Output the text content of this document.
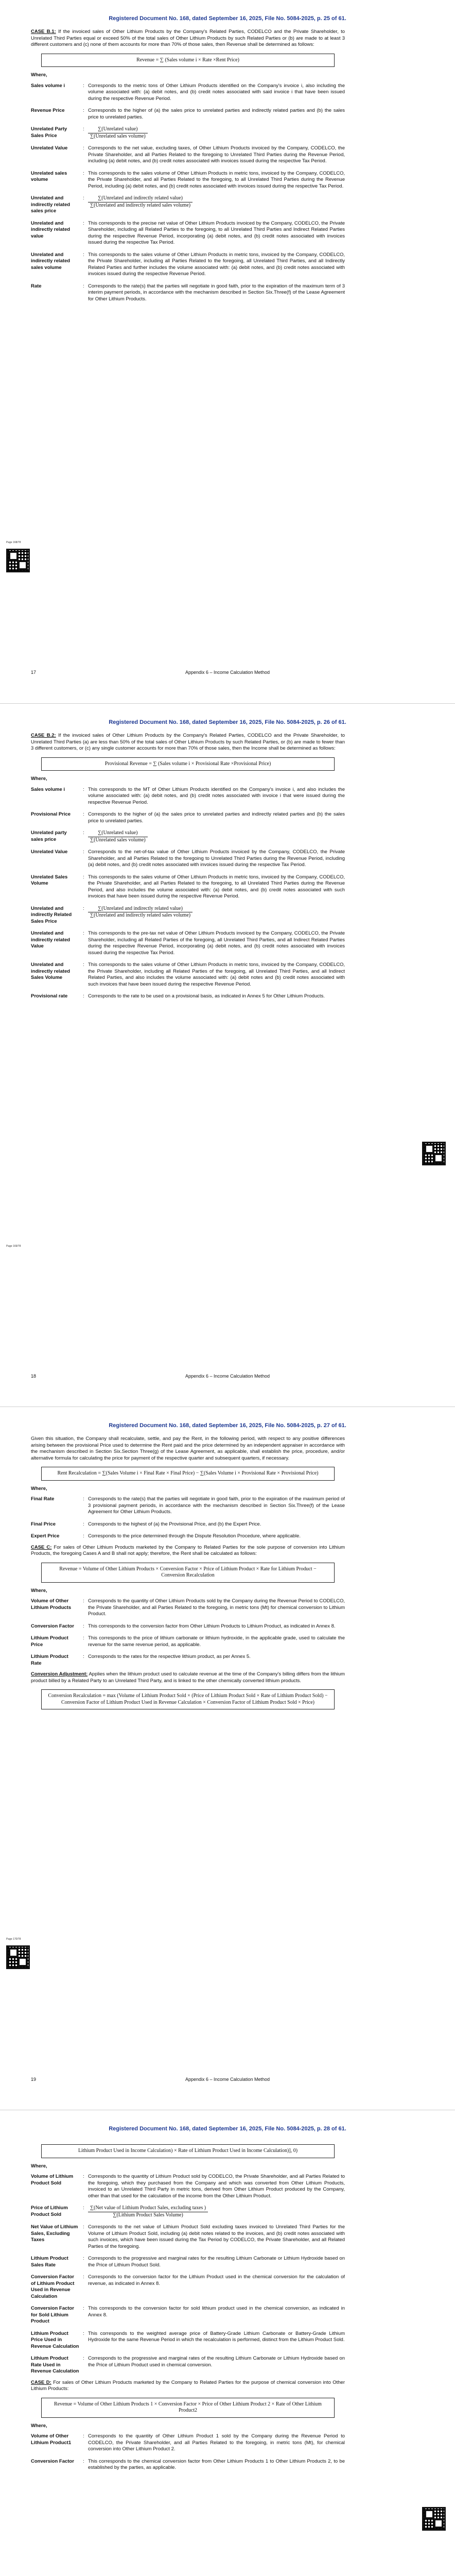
Registered Document No. 168, dated September 16, 2025, File No. 5084-2025, p. 25 of 61.
Page 168/78

CASE B.1: If the invoiced sales of Other Lithium Products by the Company's Related Parties, CODELCO and the Private Shareholder, to Unrelated Third Parties equal or exceed 50% of the total sales of Other Lithium Products by such Related Parties or (b) are made to at least 3 different customers and (c) none of them accounts for more than 70% of those sales, then Revenue shall be determined as follows:

Revenue = ∑ (Sales volume i × Rate ×Rent Price)
Where,
Sales volume i	:	Corresponds to the metric tons of Other Lithium Products identified on the Company's invoice i, also including the volume associated with: (a) debit notes, and (b) credit notes associated with said invoice i that have been issued during the respective Revenue Period.
Revenue Price	:	Corresponds to the higher of (a) the sales price to unrelated parties and indirectly related parties and (b) the sales price to unrelated parties.
Unrelated Party Sales Price	:	$\frac{\text{∑(Unrelated value)}}{\text{∑(Unrelated sales volume)}}$

Unrelated Value	:	Corresponds to the net value, excluding taxes, of Other Lithium Products invoiced by the Company, CODELCO, the Private Shareholder, and all Parties Related to the foregoing to Unrelated Third Parties during the Revenue Period, including (a) debit notes, and (b) credit notes associated with invoices issued during the respective Tax Period.
Unrelated sales volume	:	This corresponds to the sales volume of Other Lithium Products in metric tons, invoiced by the Company, CODELCO, the Private Shareholder, and all Parties Related to the foregoing, to all Unrelated Third Parties during the Revenue Period, including (a) debit notes, and (b) credit notes associated with invoices issued during the respective Tax Period.
Unrelated and indirectly related sales price	:	$\frac{\text{∑(Unrelated and indirectly related value)}}{\text{∑(Unrelated and indirectly related sales volume)}}$

Unrelated and indirectly related value	:	This corresponds to the precise net value of Other Lithium Products invoiced by the Company, CODELCO, the Private Shareholder, including all Related Parties to the foregoing, to all Unrelated Third Parties and Indirect Related Parties during the respective Revenue Period, incorporating (a) debit notes, and (b) credit notes associated with invoices issued during the respective Tax Period.
Unrelated and indirectly related sales volume	:	This corresponds to the sales volume of Other Lithium Products in metric tons, invoiced by the Company, CODELCO, the Private Shareholder, including all Parties Related to the foregoing, all Unrelated Third Parties, and all Indirectly Related Parties and further includes the volume associated with: (a) debit notes, and (b) credit notes associated with invoices issued during the respective Revenue Period.
Rate	:	Corresponds to the rate(s) that the parties will negotiate in good faith, prior to the expiration of the maximum term of 3 interim payment periods, in accordance with the mechanism described in Section Six.Three(f) of the Lease Agreement for Other Lithium Products.
17	Appendix 6 – Income Calculation Method
Registered Document No. 168, dated September 16, 2025, File No. 5084-2025, p. 26 of 61.
Page 169/78

CASE B.2: If the invoiced sales of Other Lithium Products by the Company's Related Parties, CODELCO and the Private Shareholder, to Unrelated Third Parties (a) are less than 50% of the total sales of Other Lithium Products by such Related Parties, or (b) are made to fewer than 3 different customers, or (c) any single customer accounts for more than 70% of those sales, then the Income shall be determined as follows:

Provisional Revenue = ∑ (Sales volume i × Provisional Rate ×Provisional Price)
Where,
Sales volume i	:	This corresponds to the MT of Other Lithium Products identified on the Company's invoice i, and also includes the volume associated with: (a) debit notes, and (b) credit notes associated with invoice i that were issued during the respective Revenue Period.
Provisional Price	:	Corresponds to the higher of (a) the sales price to unrelated parties and indirectly related parties and (b) the sales price to unrelated parties.
Unrelated party sales price	:	$\frac{\text{∑(Unrelated value)}}{\text{∑(Unrelated sales volume)}}$

Unrelated Value	:	Corresponds to the net-of-tax value of Other Lithium Products invoiced by the Company, CODELCO, the Private Shareholder, and all Parties Related to the foregoing to Unrelated Third Parties during the Revenue Period, including (a) debit notes, and (b) credit notes associated with invoices issued during the respective Tax Period.
Unrelated Sales Volume	:	This corresponds to the sales volume of Other Lithium Products in metric tons, invoiced by the Company, CODELCO, the Private Shareholder, and all Parties Related to the foregoing, to all Unrelated Third Parties during the Revenue Period, and also includes the volume associated with: (a) debit notes, and (b) credit notes associated with such invoices that have been issued during the respective Revenue Period.
Unrelated and indirectly Related Sales Price	:	$\frac{\text{∑(Unrelated and indirectly related value)}}{\text{∑(Unrelated and indirectly related sales volume)}}$

Unrelated and indirectly related Value	:	This corresponds to the pre-tax net value of Other Lithium Products invoiced by the Company, CODELCO, the Private Shareholder, including all Related Parties of the foregoing, all Unrelated Third Parties, and all Indirect Related Parties during the respective Revenue Period, incorporating (a) debit notes, and (b) credit notes associated with invoices issued during the respective Tax Period.
Unrelated and indirectly related Sales Volume	:	This corresponds to the sales volume of Other Lithium Products in metric tons, invoiced by the Company, CODELCO, the Private Shareholder, including all Related Parties of the foregoing, all Unrelated Third Parties, and all Indirect Related Parties, and also includes the volume associated with: (a) debit notes and (b) credit notes associated with such invoices that have been issued during the respective Revenue Period.
Provisional rate	:	Corresponds to the rate to be used on a provisional basis, as indicated in Annex 5 for Other Lithium Products.
18	Appendix 6 – Income Calculation Method
Registered Document No. 168, dated September 16, 2025, File No. 5084-2025, p. 27 of 61.
Page 170/78

Given this situation, the Company shall recalculate, settle, and pay the Rent, in the following period, with respect to any positive differences arising between the provisional Price used to determine the Rent paid and the price determined by an independent appraiser in accordance with the mechanism described in Section Six.Section Three(g) of the Lease Agreement, as applicable, shall establish the price, procedure, and/or alternative formula for calculating the price for payment of the respective quarter and subsequent quarters, if necessary.

Rent Recalculation = ∑(Sales Volume i × Final Rate × Final Price) − ∑(Sales Volume i × Provisional Rate × Provisional Price)
Where,
Final Rate	:	Corresponds to the rate(s) that the parties will negotiate in good faith, prior to the expiration of the maximum period of 3 provisional payment periods, in accordance with the mechanism described in Section Six.Three(f) of the Lease Agreement for Other Lithium Products.
Final Price	:	Corresponds to the highest of (a) the Provisional Price, and (b) the Expert Price.
Expert Price	:	Corresponds to the price determined through the Dispute Resolution Procedure, where applicable.

CASE C: For sales of Other Lithium Products marketed by the Company to Related Parties for the sole purpose of conversion into Lithium Products, the foregoing Cases A and B shall not apply; therefore, the Rent shall be calculated as follows:

Revenue = Volume of Other Lithium Products × Conversion Factor × Price of Lithium Product × Rate for Lithium Product − Conversion Recalculation
Where,
Volume of Other Lithium Products	:	Corresponds to the quantity of Other Lithium Products sold by the Company during the Revenue Period to CODELCO, the Private Shareholder, and all Parties Related to the foregoing, in metric tons (Mt) for chemical conversion to Lithium Product.
Conversion Factor	:	This corresponds to the conversion factor from Other Lithium Products to Lithium Product, as indicated in Annex 8.
Lithium Product Price	:	This corresponds to the price of lithium carbonate or lithium hydroxide, in the applicable grade, used to calculate the revenue for the same revenue period, as applicable.
Lithium Product Rate	:	Corresponds to the rates for the respective lithium product, as per Annex 5.

Conversion Adjustment: Applies when the lithium product used to calculate revenue at the time of the Company's billing differs from the lithium product billed by a Related Party to an Unrelated Third Party, and is linked to the other chemically converted lithium products.

Conversion Recalculation = max (Volume of Lithium Product Sold × (Price of Lithium Product Sold × Rate of Lithium Product Sold) − Conversion Factor of Lithium Product Used in Revenue Calculation × Conversion Factor of Lithium Product Sold × Price)
19	Appendix 6 – Income Calculation Method
Registered Document No. 168, dated September 16, 2025, File No. 5084-2025, p. 28 of 61.
Lithium Product Used in Income Calculation) × Rate of Lithium Product Used in Income Calculation)], 0)
Where,
Volume of Lithium Product Sold	:	Corresponds to the quantity of Lithium Product sold by CODELCO, the Private Shareholder, and all Parties Related to the foregoing, which they purchased from the Company and which was converted from Other Lithium Products, invoiced to an Unrelated Third Party in metric tons, derived from Other Lithium Product produced by the Company, other than that used for the calculation of the income from the Other Lithium Product.
Price of Lithium Product Sold	:	$\frac{\text{∑(Net value of Lithium Product Sales, excluding taxes )}}{\text{∑(Lithium Product Sales Volume)}}$

Net Value of Lithium Sales, Excluding Taxes	:	Corresponds to the net value of Lithium Product Sold excluding taxes invoiced to Unrelated Third Parties for the Volume of Lithium Product Sold, including (a) debit notes related to the invoices, and (b) credit notes associated with such invoices, which have been issued during the Tax Period by CODELCO, the Private Shareholder, and all Related Parties of the foregoing.
Lithium Product Sales Rate	:	Corresponds to the progressive and marginal rates for the resulting Lithium Carbonate or Lithium Hydroxide based on the Price of Lithium Product Sold.
Conversion Factor of Lithium Product Used in Revenue Calculation	:	Corresponds to the conversion factor for the Lithium Product used in the chemical conversion for the calculation of revenue, as indicated in Annex 8.
Conversion Factor for Sold Lithium Product	:	This corresponds to the conversion factor for sold lithium product used in the chemical conversion, as indicated in Annex 8.
Lithium Product Price Used in Revenue Calculation	:	This corresponds to the weighted average price of Battery-Grade Lithium Carbonate or Battery-Grade Lithium Hydroxide for the same Revenue Period in which the recalculation is performed, distinct from the Lithium Product Sold.
Lithium Product Rate Used in Revenue Calculation	:	Corresponds to the progressive and marginal rates of the resulting Lithium Carbonate or Lithium Hydroxide based on the Price of Lithium Product used in chemical conversion.

CASE D: For sales of Other Lithium Products marketed by the Company to Related Parties for the purpose of chemical conversion into Other Lithium Products:

Revenue = Volume of Other Lithium Products 1 × Conversion Factor × Price of Other Lithium Product 2 × Rate of Other Lithium Product2
Where,
Volume of Other Lithium Product1	:	Corresponds to the quantity of Other Lithium Product 1 sold by the Company during the Revenue Period to CODELCO, the Private Shareholder, and all Parties Related to the foregoing, in metric tons (Mt), for chemical conversion into Other Lithium Product 2.
Conversion Factor	:	This corresponds to the chemical conversion factor from Other Lithium Products 1 to Other Lithium Products 2, to be established by the parties, as applicable.
